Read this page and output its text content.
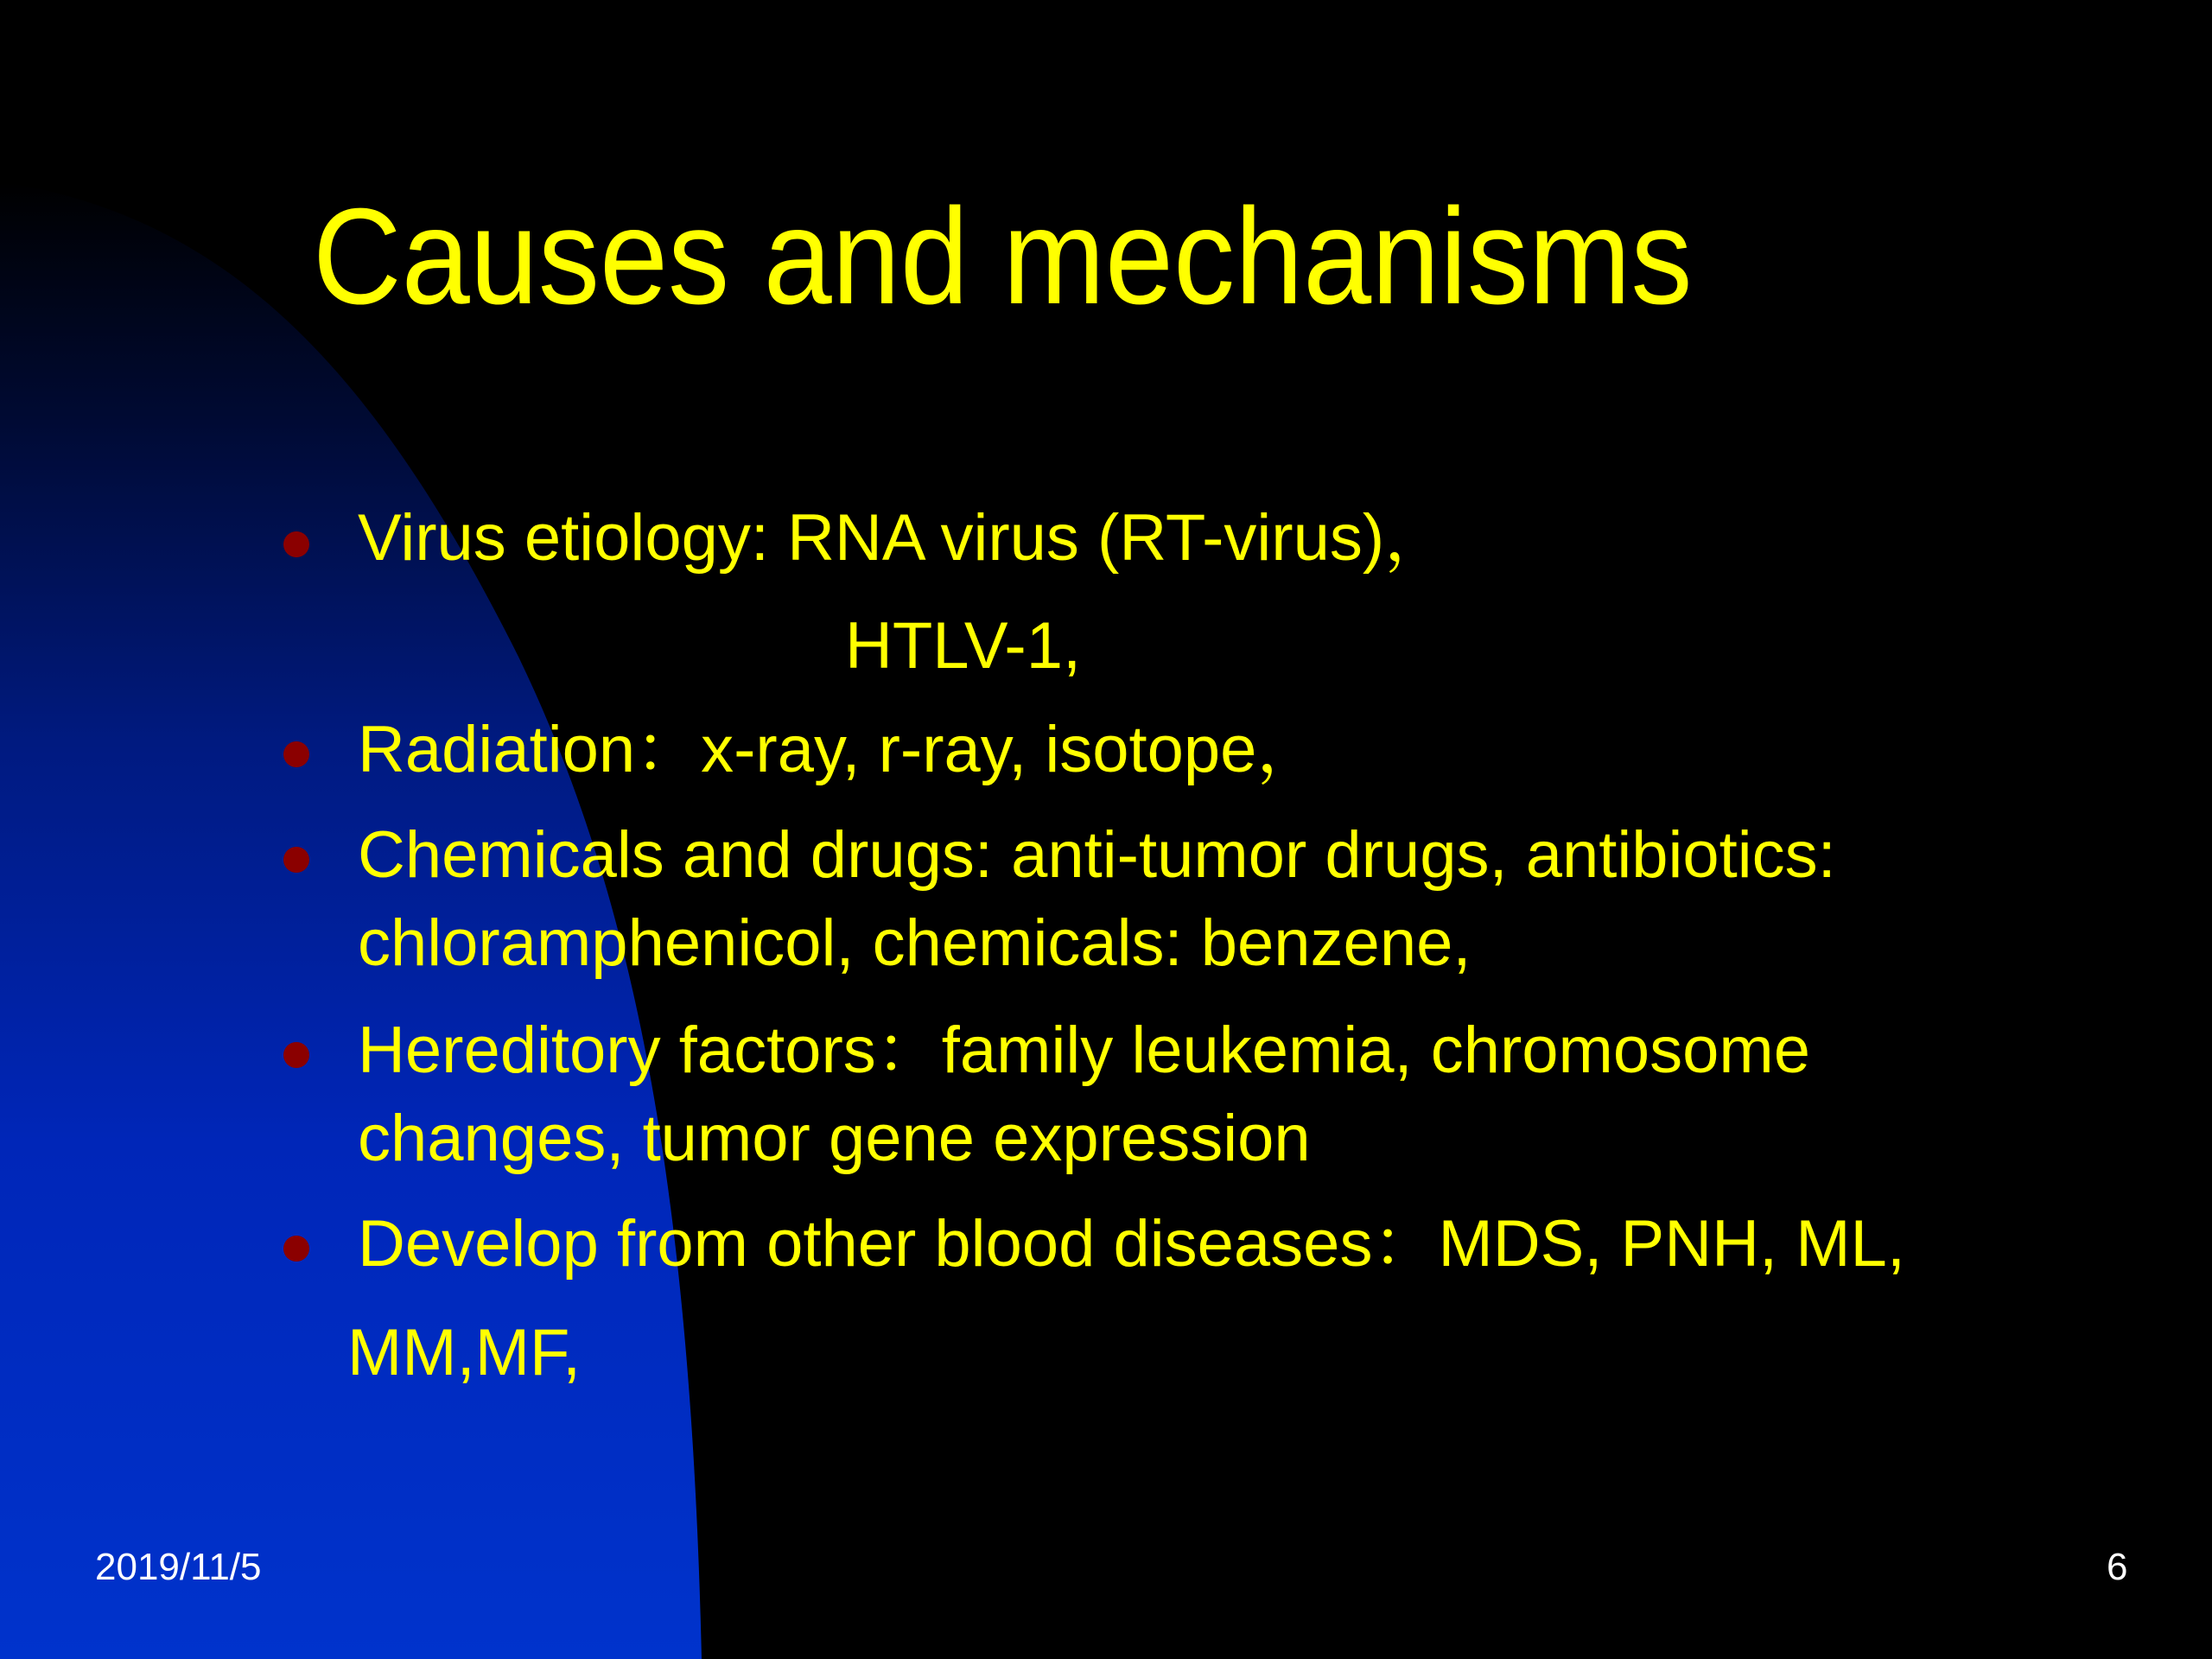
Causes and mechanisms
Virus etiology: RNA virus (RT-virus)，
HTLV-1,
Radiation：x-ray, r-ray, isotope，
Chemicals and drugs: anti-tumor drugs, antibiotics:
chloramphenicol, chemicals: benzene,
Hereditory factors：family leukemia, chromosome
changes, tumor gene expression
Develop from other blood diseases：MDS, PNH, ML,
MM,MF,
2019/11/5	6
